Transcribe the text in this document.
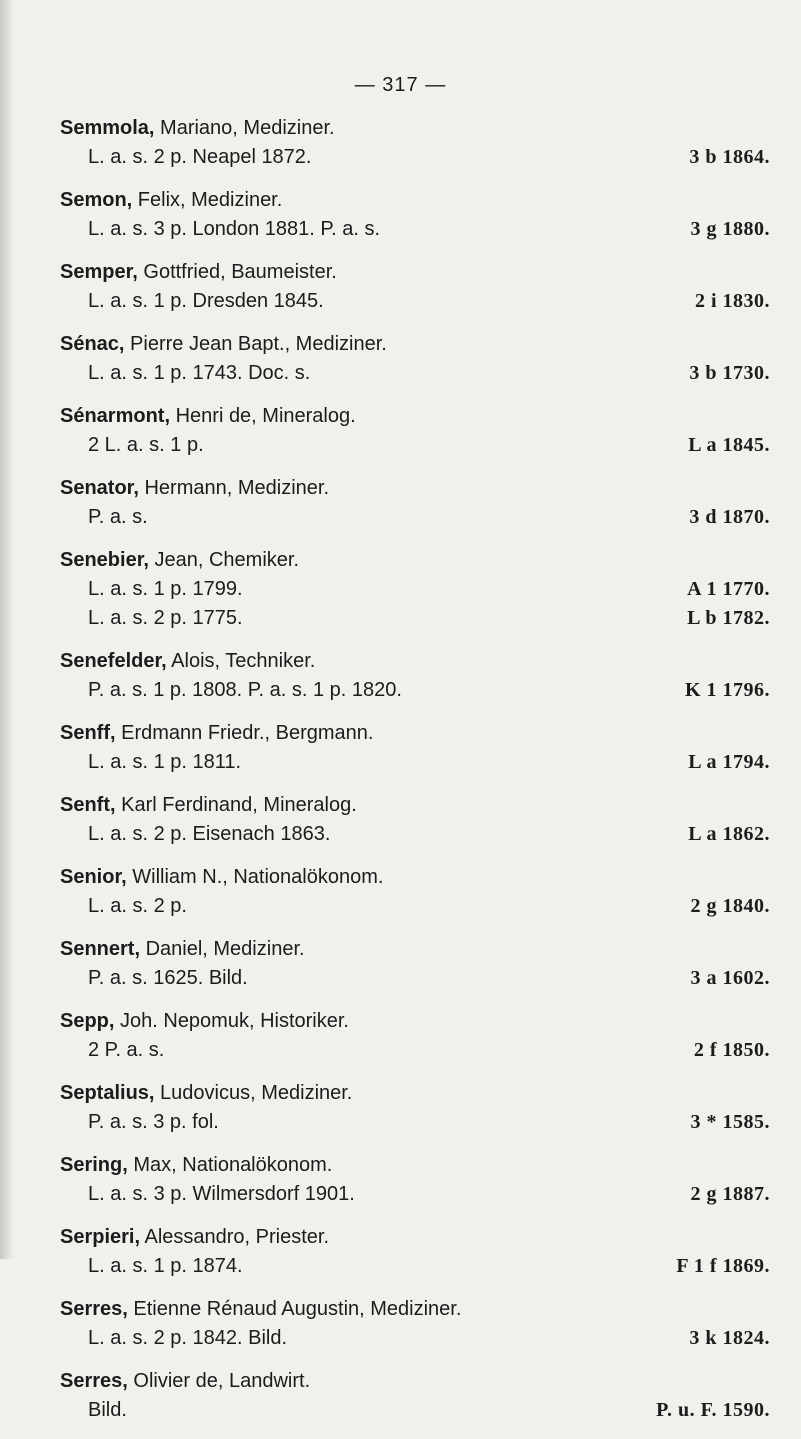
— 317 —
Semmola, Mariano, Mediziner.
L. a. s. 2 p. Neapel 1872.	3 b 1864.
Semon, Felix, Mediziner.
L. a. s. 3 p. London 1881. P. a. s.	3 g 1880.
Semper, Gottfried, Baumeister.
L. a. s. 1 p. Dresden 1845.	2 i 1830.
Sénac, Pierre Jean Bapt., Mediziner.
L. a. s. 1 p. 1743. Doc. s.	3 b 1730.
Sénarmont, Henri de, Mineralog.
2 L. a. s. 1 p.	L a 1845.
Senator, Hermann, Mediziner.
P. a. s.	3 d 1870.
Senebier, Jean, Chemiker.
L. a. s. 1 p. 1799.	A 1 1770.
L. a. s. 2 p. 1775.	L b 1782.
Senefelder, Alois, Techniker.
P. a. s. 1 p. 1808. P. a. s. 1 p. 1820.	K 1 1796.
Senff, Erdmann Friedr., Bergmann.
L. a. s. 1 p. 1811.	L a 1794.
Senft, Karl Ferdinand, Mineralog.
L. a. s. 2 p. Eisenach 1863.	L a 1862.
Senior, William N., Nationalökonom.
L. a. s. 2 p.	2 g 1840.
Sennert, Daniel, Mediziner.
P. a. s. 1625. Bild.	3 a 1602.
Sepp, Joh. Nepomuk, Historiker.
2 P. a. s.	2 f 1850.
Septalius, Ludovicus, Mediziner.
P. a. s. 3 p. fol.	3 * 1585.
Sering, Max, Nationalökonom.
L. a. s. 3 p. Wilmersdorf 1901.	2 g 1887.
Serpieri, Alessandro, Priester.
L. a. s. 1 p. 1874.	F 1 f 1869.
Serres, Etienne Rénaud Augustin, Mediziner.
L. a. s. 2 p. 1842. Bild.	3 k 1824.
Serres, Olivier de, Landwirt.
Bild.	P. u. F. 1590.
